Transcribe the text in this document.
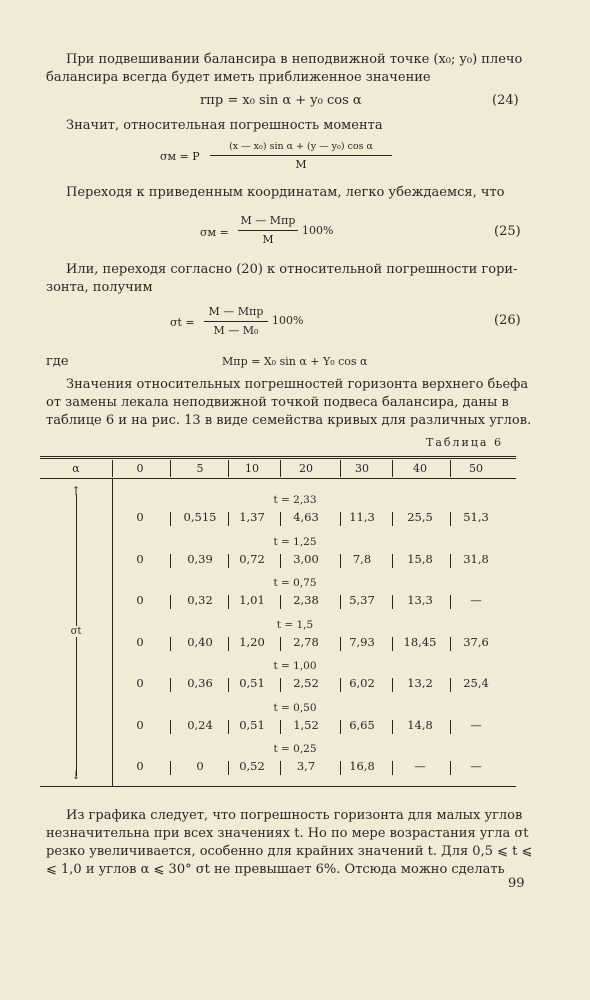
При подвешивании балансира в неподвижной точке (x₀; y₀) плечо
балансира всегда будет иметь приближенное значение
rпр = x₀ sin α + y₀ cos α	(24)
Значит, относительная погрешность момента
σм = P
(x — x₀) sin α + (y — y₀) cos α
M
Переходя к приведенным координатам, легко убеждаемся, что
σм =
M — Mпр
M
100%	(25)
Или, переходя согласно (20) к относительной погрешности гори-
зонта, получим
σt =
M — Mпр
M — M₀
100%	(26)
где	Mпр = X₀ sin α + Y₀ cos α
Значения относительных погрешностей горизонта верхнего бьефа
от замены лекала неподвижной точкой подвеса балансира, даны в
таблице 6 и на рис. 13 в виде семейства кривых для различных углов.
Таблица 6
α	0	5	10	20	30	40	50
↑
↓
σt
t = 2,33
0	0,515	1,37	4,63	11,3	25,5	51,3
t = 1,25
0	0,39	0,72	3,00	7,8	15,8	31,8
t = 0,75
0	0,32	1,01	2,38	5,37	13,3	—
t = 1,5
0	0,40	1,20	2,78	7,93	18,45	37,6
t = 1,00
0	0,36	0,51	2,52	6,02	13,2	25,4
t = 0,50
0	0,24	0,51	1,52	6,65	14,8	—
t = 0,25
0	0	0,52	3,7	16,8	—	—
Из графика следует, что погрешность горизонта для малых углов
незначительна при всех значениях t. Но по мере возрастания угла σt
резко увеличивается, особенно для крайних значений t. Для 0,5 ⩽ t ⩽
⩽ 1,0 и углов α ⩽ 30° σt не превышает 6%. Отсюда можно сделать
99
